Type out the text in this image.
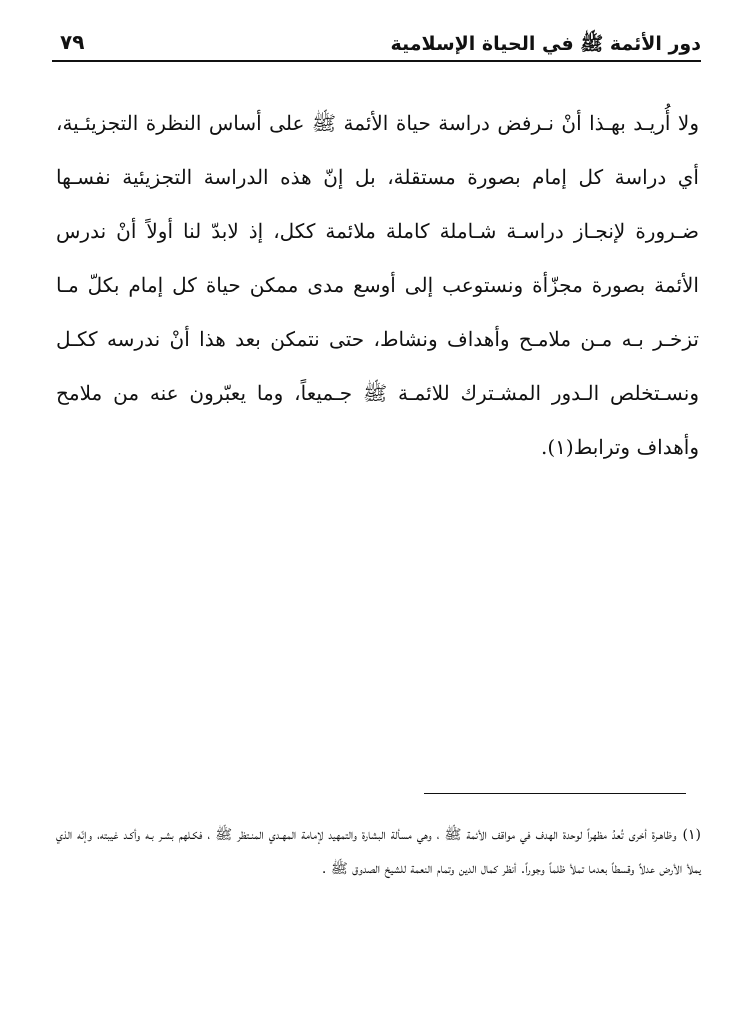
دور الأئمة ﷺ في الحياة الإسلامية
٧٩
ولا أُريـد بهـذا أنْ نـرفض دراسة حياة الأئمة ﷺ على أساس النظرة التجزيئـية، أي دراسة كل إمام بصورة مستقلة، بل إنّ هذه الدراسة التجزيئية نفسـها ضـرورة لإنجـاز دراسـة شـاملة كاملة ملائمة ككل، إذ لابدّ لنا أولاً أنْ ندرس الأئمة بصورة مجزّأة ونستوعب إلى أوسع مدى ممكن حياة كل إمام بكلّ مـا تزخـر بـه مـن ملامـح وأهداف ونشاط، حتى نتمكن بعد هذا أنْ ندرسه ككـل ونسـتخلص الـدور المشـترك للائمـة ﷺ جـميعاً، وما يعبّرون عنه من ملامح وأهداف وترابط(١).
(١)وظاهـرة أخرى تُعدُ مظهراً لوحدة الهدف في مواقف الأئمة ﷺ ، وهي مسألة البشارة والتمهيد لإمامة المهـدي المنـتظر ﷺ ، فكـلهم بشـر بـه وأكـد غيبته، وإنّه الذي يملأ الأرض عدلاً وقسطاً بعدما تملأ ظلماً وجوراً. أنظر كمال الدين وتمام النعمة للشيخ الصدوق ﷺ .
